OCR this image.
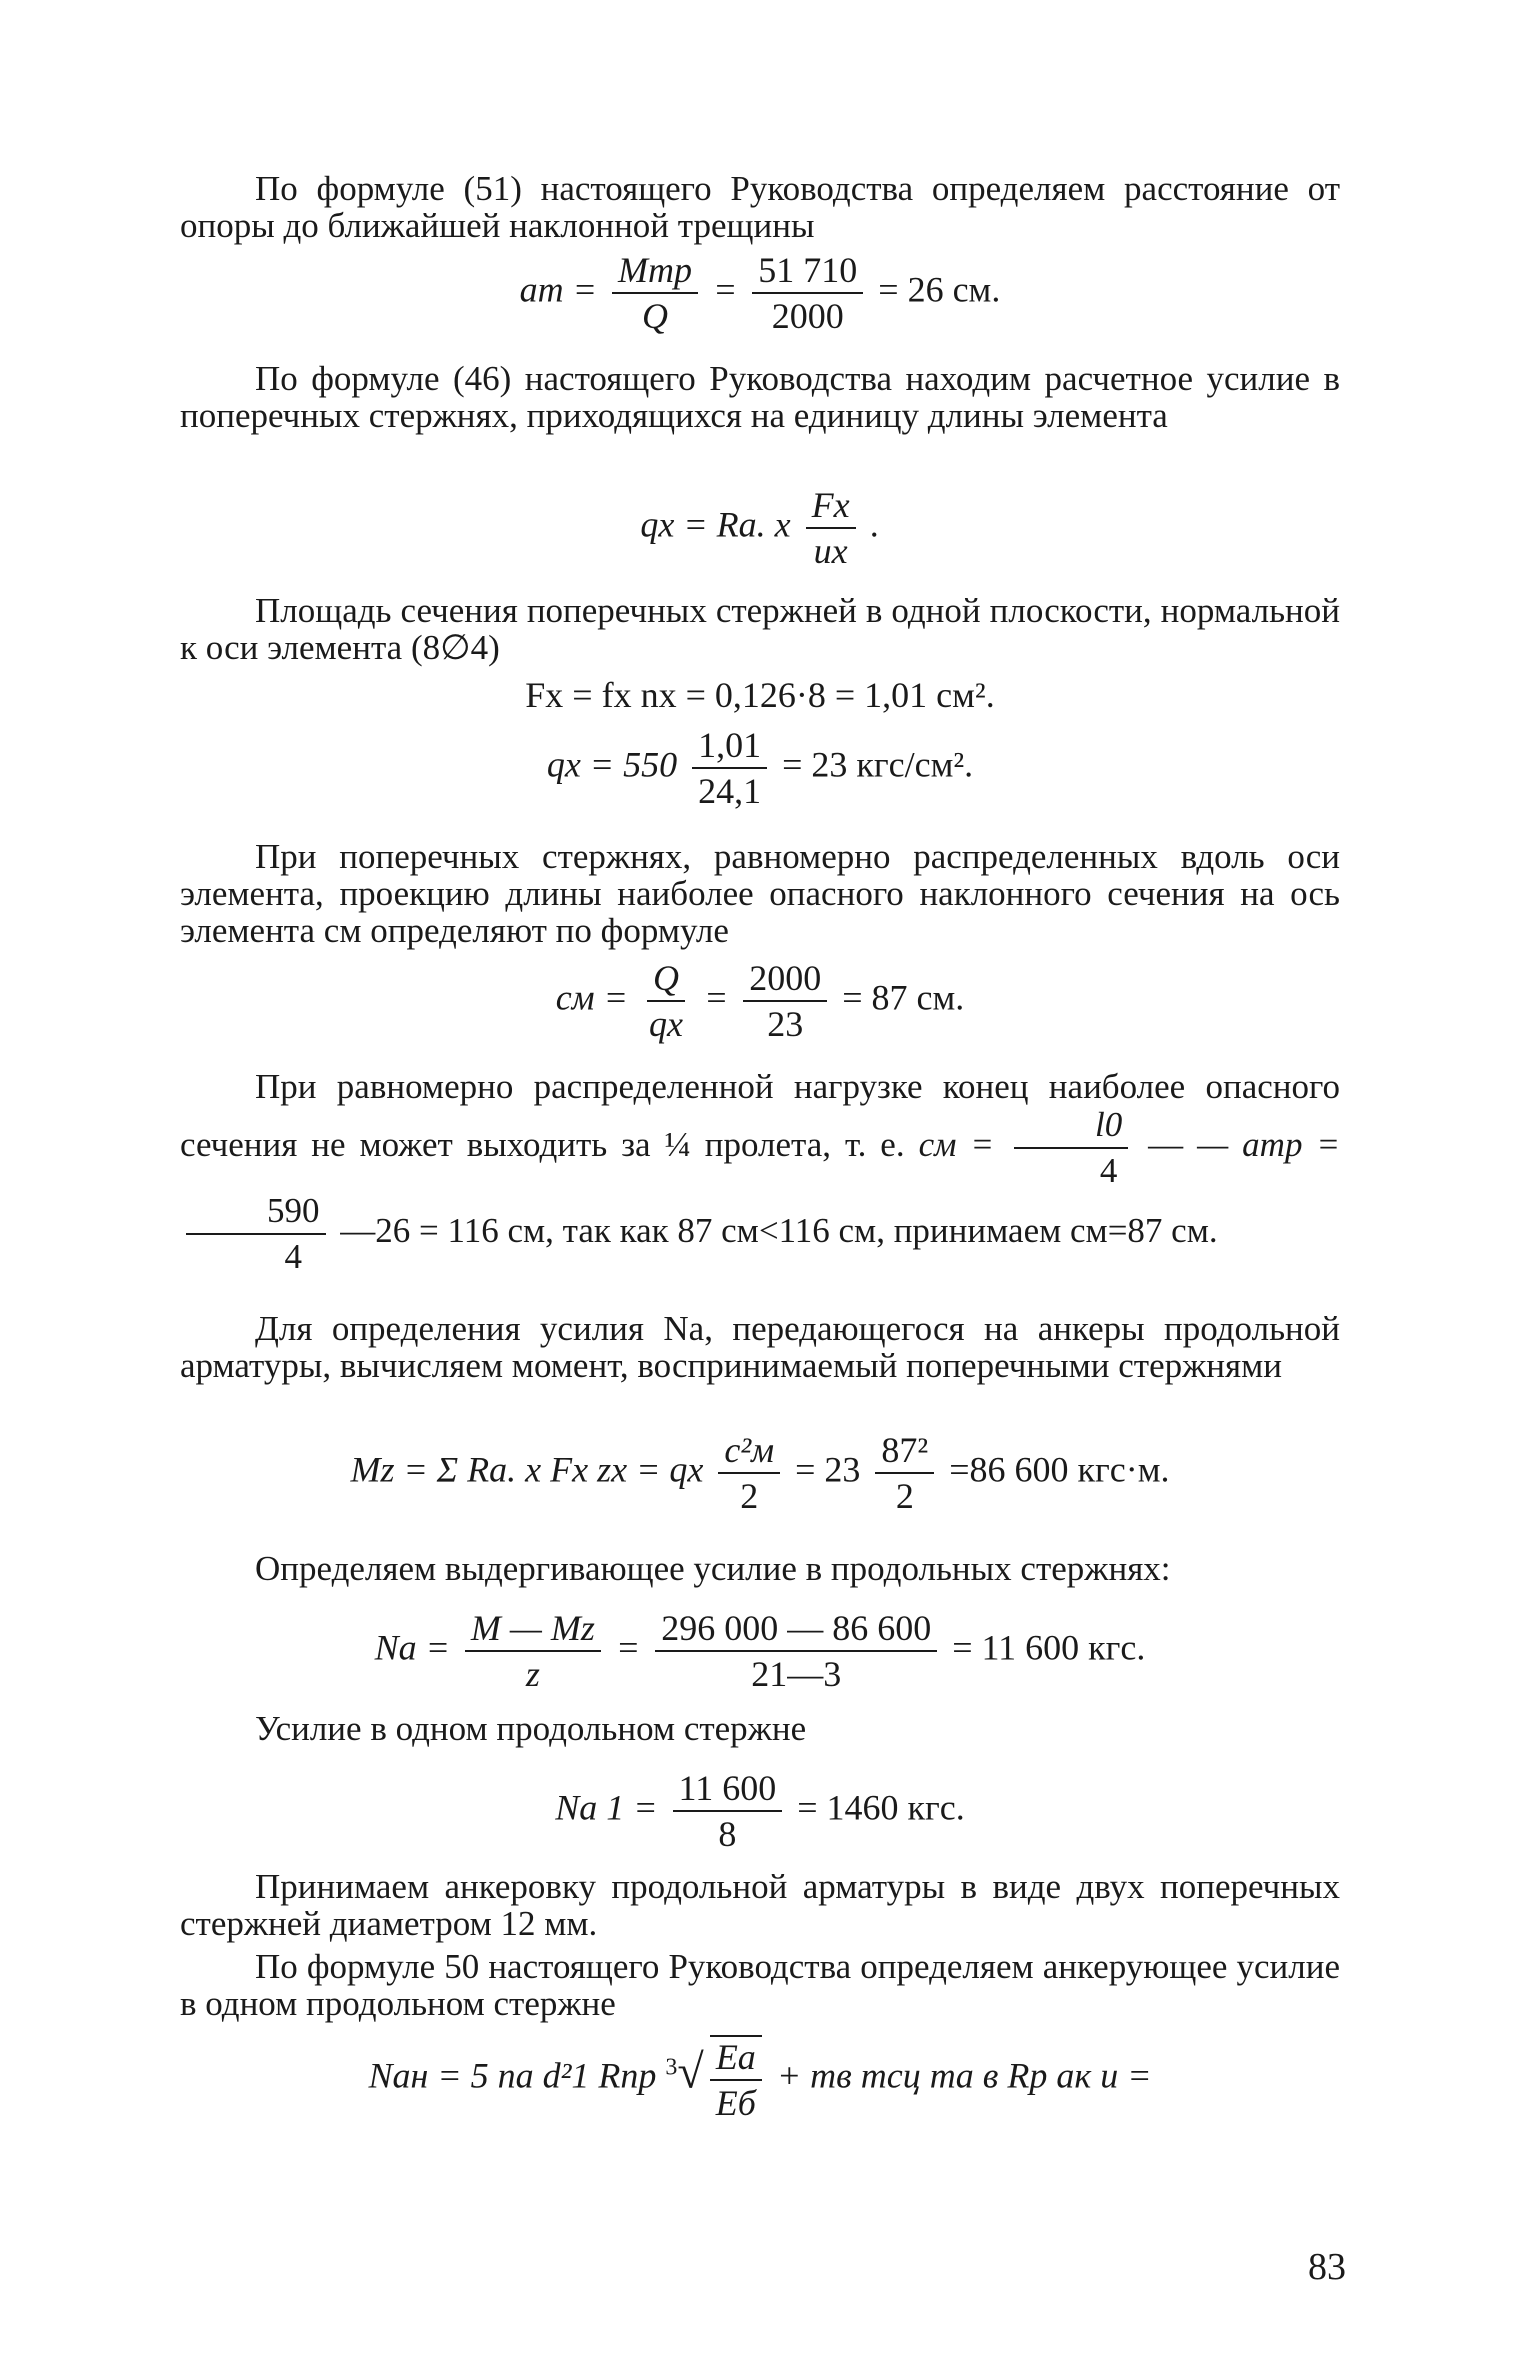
По формуле (51) настоящего Руководства определяем расстояние от опоры до ближайшей наклонной трещины
aт = $\frac{\text{Mтр}}{Q} = \frac{51 710}{2000} = 26$ см.
По формуле (46) настоящего Руководства находим расчетное усилие в поперечных стержнях, приходящихся на единицу длины элемента
qх = Rа. х $\frac{Fх}{uх}$ .
Площадь сечения поперечных стержней в одной плоскости, нормальной к оси элемента (8∅4)
Fх = fх nх = 0,126·8 = 1,01 см².
qх = $550 \frac{1,01}{24,1} = 23$ кгс/см².
При поперечных стержнях, равномерно распределенных вдоль оси элемента, проекцию длины наиболее опасного наклонного сечения на ось элемента cм определяют по формуле
cм = $\frac{Q}{qх} = \frac{2000}{23} = 87$ см.
При равномерно распределенной нагрузке конец наиболее опасного сечения не может выходить за ¼ пролета, т. е. cм = $\frac{l0}{4}$ — — aтр =
$\frac{590}{4}$ —26 = 116 см, так как 87 см<116 см, принимаем cм=87 см.
Для определения усилия Nа, передающегося на анкеры продольной арматуры, вычисляем момент, воспринимаемый поперечными стержнями
Mz = Σ Rа. х Fх zх = qх $\frac{\text{c²м}}{2} = 23 \frac{\text{87²}}{2} =86$ 600 кгс·м.
Определяем выдергивающее усилие в продольных стержнях:
Nа = $\frac{M — Mz}{z} = \frac{296 000 — 86 600}{21—3} = 11$ 600 кгс.
Усилие в одном продольном стержне
Nа $1 = \frac{11 600}{8} = 1460$ кгс.
Принимаем анкеровку продольной арматуры в виде двух поперечных стержней диаметром 12 мм.
По формуле 50 настоящего Руководства определяем анкерующее усилие в одном продольном стержне
Nан = 5 nа d²1 Rпр $^3√ \frac{Eа}{Eб}$ + mв mсц mа в Rр aк u =
83
